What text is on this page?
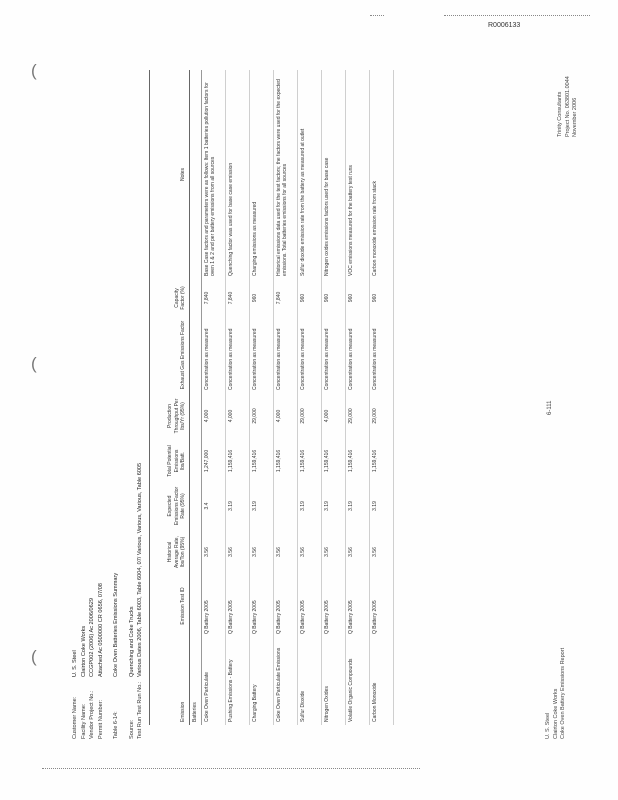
R0006133
(
(
(
Customer Name:
U. S. Steel
Facility Name:
Clairton Coke Works
Vendor Project No.:
CCGP002 (2006) Ac 2006/0629
Permit Number:
Attached Ac 0500000 CR 0656, 07/08
Table 6-14:
Coke Oven Batteries Emissions Summary
Source:
Quenching and Coke Trucks
Test Run Test Run No.:
Various Dates 2006, Table 6003, Table 6004, 07/ Various, Various, Various, Table 6005
Emission	Emission Test ID	Historical Average Rate, lbs/Ton (95%)	Expected Emissions Factor Rate (95%)	Total Potential Emissions lbs/Batt.	Production Throughput Per lbs/Yr (95%)	Exhaust Gas Emissions Factor	Capacity Factor (%)	Notes
Batteries								
Coke Oven Particulate	Q Battery 2005	3.56	3.4	1,247,000	4,000	Concentration as measured	7,840	Base Case factors and parameters were as follows: Item 1 batteries pollution factors for oven 1 & 2 and per battery emissions from all sources
Pushing Emissions - Battery	Q Battery 2005	3.56	3.19	1,159,416	4,000	Concentration as measured	7,840	Quenching factor was used for base case emission
Charging Battery	Q Battery 2005	3.56	3.19	1,159,416	29,000	Concentration as measured	960	Charging emissions as measured
Coke Oven Particulate Emissions	Q Battery 2005	3.56		1,159,416	4,000	Concentration as measured	7,840	Historical emissions data used for the test factors; the factors were used for the expected emissions. Total batteries emissions for all sources
Sulfur Dioxide	Q Battery 2005	3.56	3.19	1,159,416	29,000	Concentration as measured	960	Sulfur dioxide emission rate from the battery as measured at outlet
Nitrogen Oxides	Q Battery 2005	3.56	3.19	1,159,416	4,000	Concentration as measured	960	Nitrogen oxides emissions factors used for base case
Volatile Organic Compounds	Q Battery 2005	3.56	3.19	1,159,416	29,000	Concentration as measured	960	VOC emissions measured for the battery test runs
Carbon Monoxide	Q Battery 2005	3.56	3.19	1,159,416	29,000	Concentration as measured	960	Carbon monoxide emission rate from stack
U. S. Steel Clairton Coke Works Coke Oven Battery Emissions Report
6-111
Trinity Consultants Project No. 063801.0044 November 2006
